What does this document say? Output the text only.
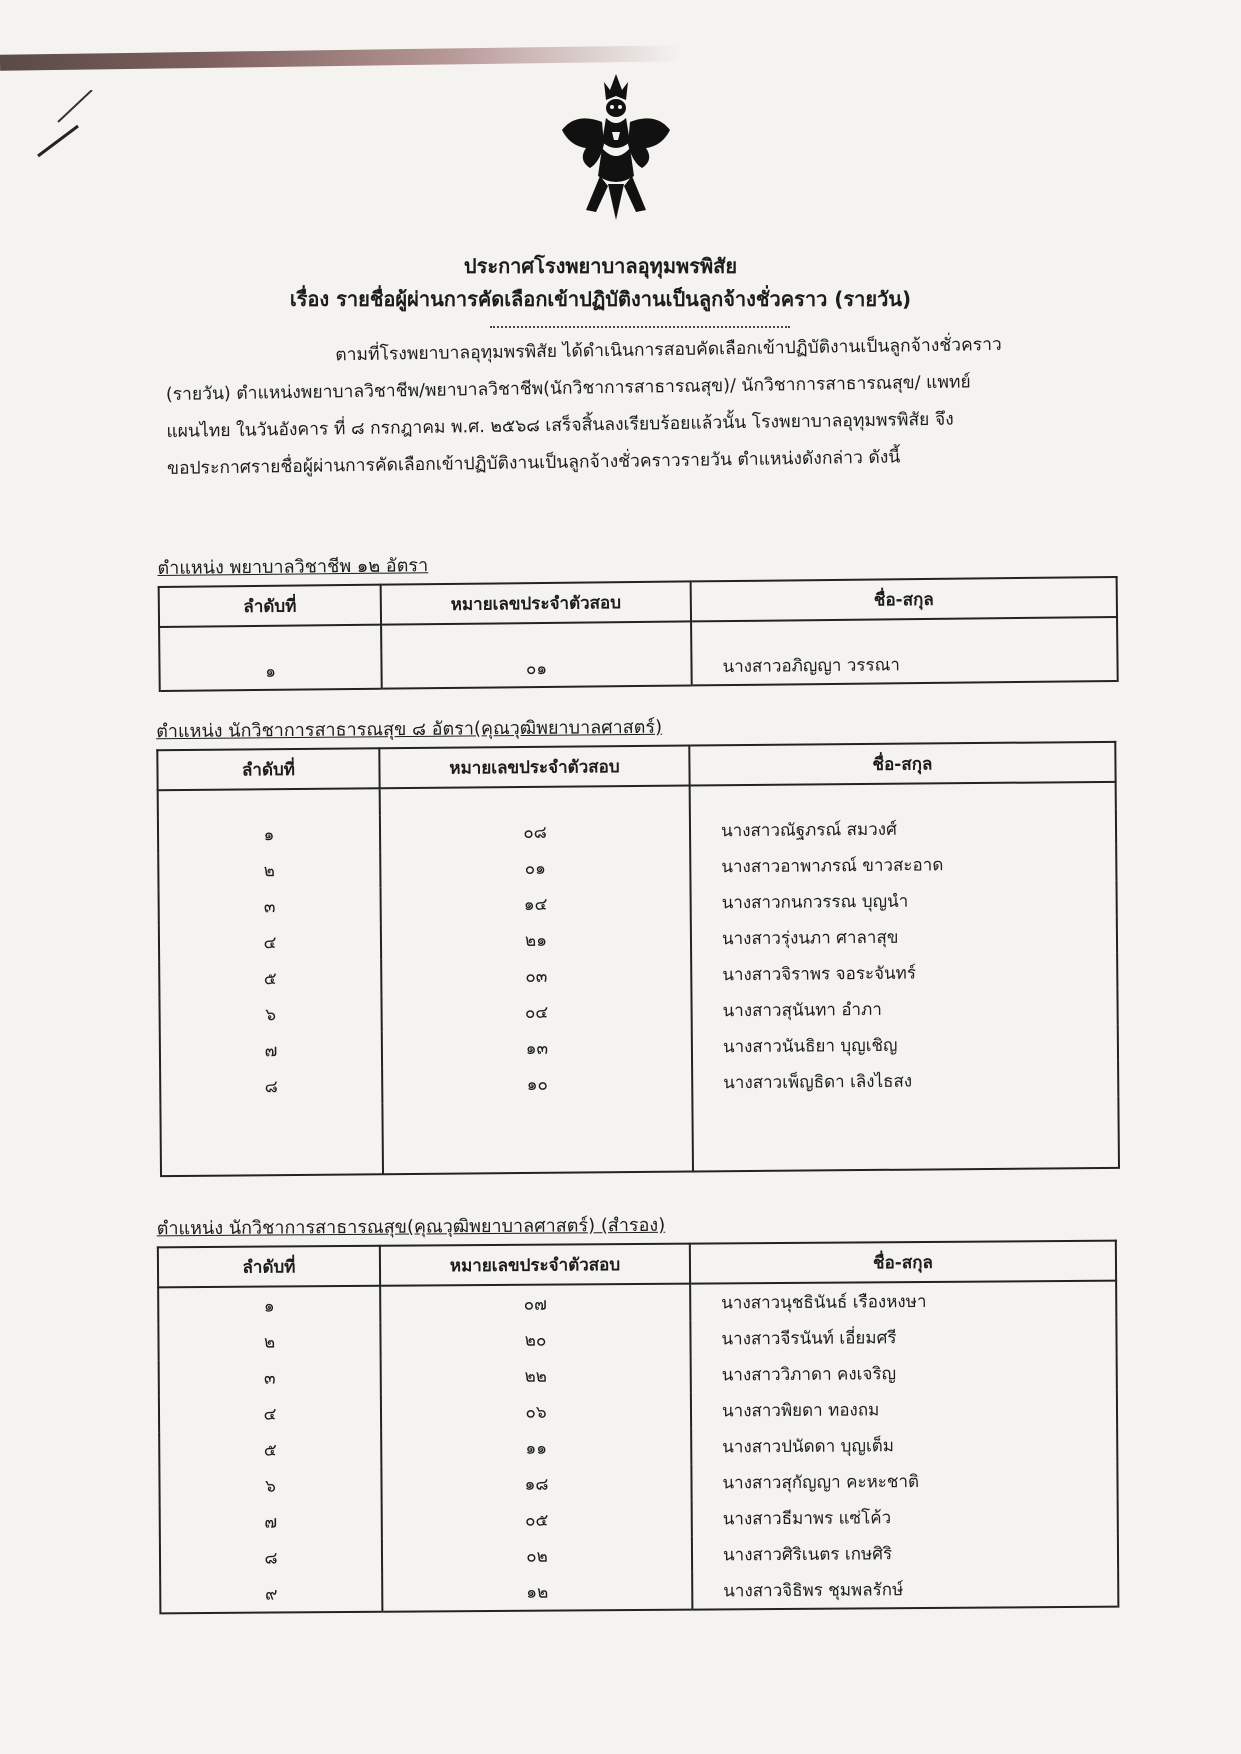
ประกาศโรงพยาบาลอุทุมพรพิสัย
เรื่อง รายชื่อผู้ผ่านการคัดเลือกเข้าปฏิบัติงานเป็นลูกจ้างชั่วคราว (รายวัน)

ตามที่โรงพยาบาลอุทุมพรพิสัย ได้ดำเนินการสอบคัดเลือกเข้าปฏิบัติงานเป็นลูกจ้างชั่วคราว

(รายวัน) ตำแหน่งพยาบาลวิชาชีพ/พยาบาลวิชาชีพ(นักวิชาการสาธารณสุข)/ นักวิชาการสาธารณสุข/ แพทย์

แผนไทย ในวันอังคาร ที่ ๘ กรกฎาคม พ.ศ. ๒๕๖๘ เสร็จสิ้นลงเรียบร้อยแล้วนั้น โรงพยาบาลอุทุมพรพิสัย จึง

ขอประกาศรายชื่อผู้ผ่านการคัดเลือกเข้าปฏิบัติงานเป็นลูกจ้างชั่วคราวรายวัน ตำแหน่งดังกล่าว ดังนี้

ตำแหน่ง พยาบาลวิชาชีพ ๑๒ อัตรา
ลำดับที่	หมายเลขประจำตัวสอบ	ชื่อ-สกุล

๑	๐๑	นางสาวอภิญญา วรรณา
ตำแหน่ง นักวิชาการสาธารณสุข ๘ อัตรา(คุณวุฒิพยาบาลศาสตร์)
ลำดับที่	หมายเลขประจำตัวสอบ	ชื่อ-สกุล

๑	๐๘	นางสาวณัฐภรณ์ สมวงศ์
๒	๐๑	นางสาวอาพาภรณ์ ขาวสะอาด
๓	๑๔	นางสาวกนกวรรณ บุญนำ
๔	๒๑	นางสาวรุ่งนภา ศาลาสุข
๕	๐๓	นางสาวจิราพร จอระจันทร์
๖	๐๔	นางสาวสุนันทา อำภา
๗	๑๓	นางสาวนันธิยา บุญเชิญ
๘	๑๐	นางสาวเพ็ญธิดา เลิงไธสง

ตำแหน่ง นักวิชาการสาธารณสุข(คุณวุฒิพยาบาลศาสตร์) (สำรอง)
ลำดับที่	หมายเลขประจำตัวสอบ	ชื่อ-สกุล
๑	๐๗	นางสาวนุชธินันธ์ เรืองหงษา
๒	๒๐	นางสาวจีรนันท์ เอี่ยมศรี
๓	๒๒	นางสาววิภาดา คงเจริญ
๔	๐๖	นางสาวพิยดา ทองถม
๕	๑๑	นางสาวปนัดดา บุญเต็ม
๖	๑๘	นางสาวสุกัญญา คะหะชาติ
๗	๐๕	นางสาวธีมาพร แซ่โค้ว
๘	๐๒	นางสาวศิริเนตร เกษศิริ
๙	๑๒	นางสาวจิธิพร ชุมพลรักษ์
